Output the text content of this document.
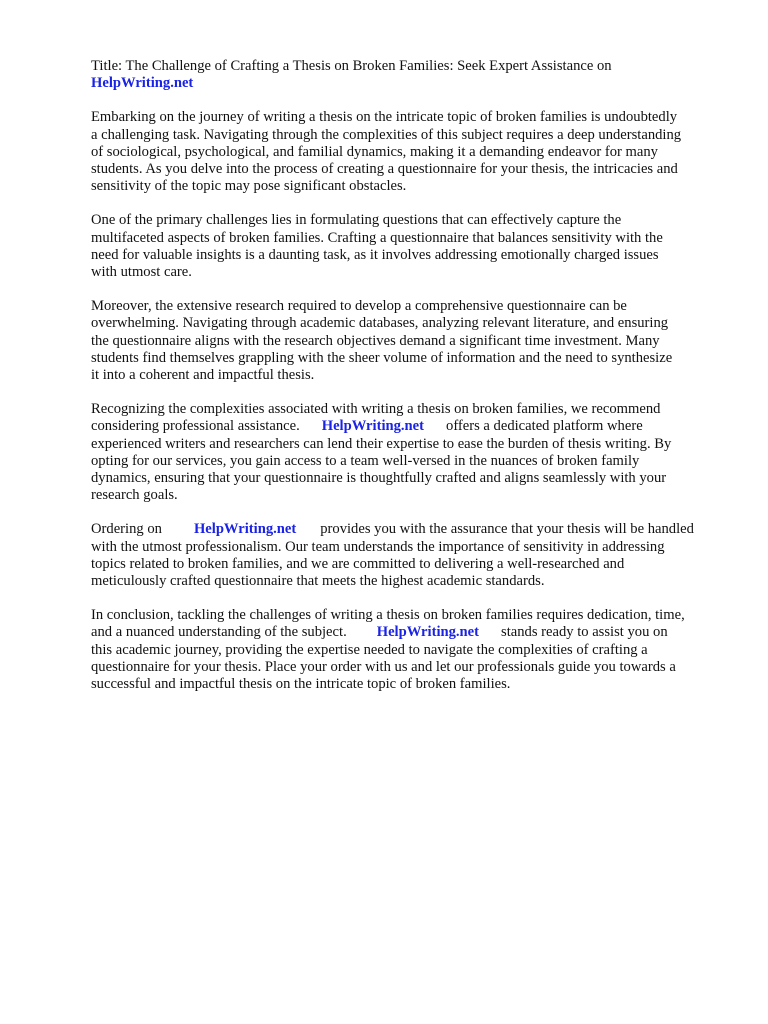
Title: The Challenge of Crafting a Thesis on Broken Families: Seek Expert Assistance on
HelpWriting.net

Embarking on the journey of writing a thesis on the intricate topic of broken families is undoubtedly
a challenging task. Navigating through the complexities of this subject requires a deep understanding
of sociological, psychological, and familial dynamics, making it a demanding endeavor for many
students. As you delve into the process of creating a questionnaire for your thesis, the intricacies and
sensitivity of the topic may pose significant obstacles.

One of the primary challenges lies in formulating questions that can effectively capture the
multifaceted aspects of broken families. Crafting a questionnaire that balances sensitivity with the
need for valuable insights is a daunting task, as it involves addressing emotionally charged issues
with utmost care.

Moreover, the extensive research required to develop a comprehensive questionnaire can be
overwhelming. Navigating through academic databases, analyzing relevant literature, and ensuring
the questionnaire aligns with the research objectives demand a significant time investment. Many
students find themselves grappling with the sheer volume of information and the need to synthesize
it into a coherent and impactful thesis.

Recognizing the complexities associated with writing a thesis on broken families, we recommend
considering professional assistance. HelpWriting.net offers a dedicated platform where
experienced writers and researchers can lend their expertise to ease the burden of thesis writing. By
opting for our services, you gain access to a team well-versed in the nuances of broken family
dynamics, ensuring that your questionnaire is thoughtfully crafted and aligns seamlessly with your
research goals.

Ordering on HelpWriting.net provides you with the assurance that your thesis will be handled
with the utmost professionalism. Our team understands the importance of sensitivity in addressing
topics related to broken families, and we are committed to delivering a well-researched and
meticulously crafted questionnaire that meets the highest academic standards.

In conclusion, tackling the challenges of writing a thesis on broken families requires dedication, time,
and a nuanced understanding of the subject. HelpWriting.net stands ready to assist you on
this academic journey, providing the expertise needed to navigate the complexities of crafting a
questionnaire for your thesis. Place your order with us and let our professionals guide you towards a
successful and impactful thesis on the intricate topic of broken families.
